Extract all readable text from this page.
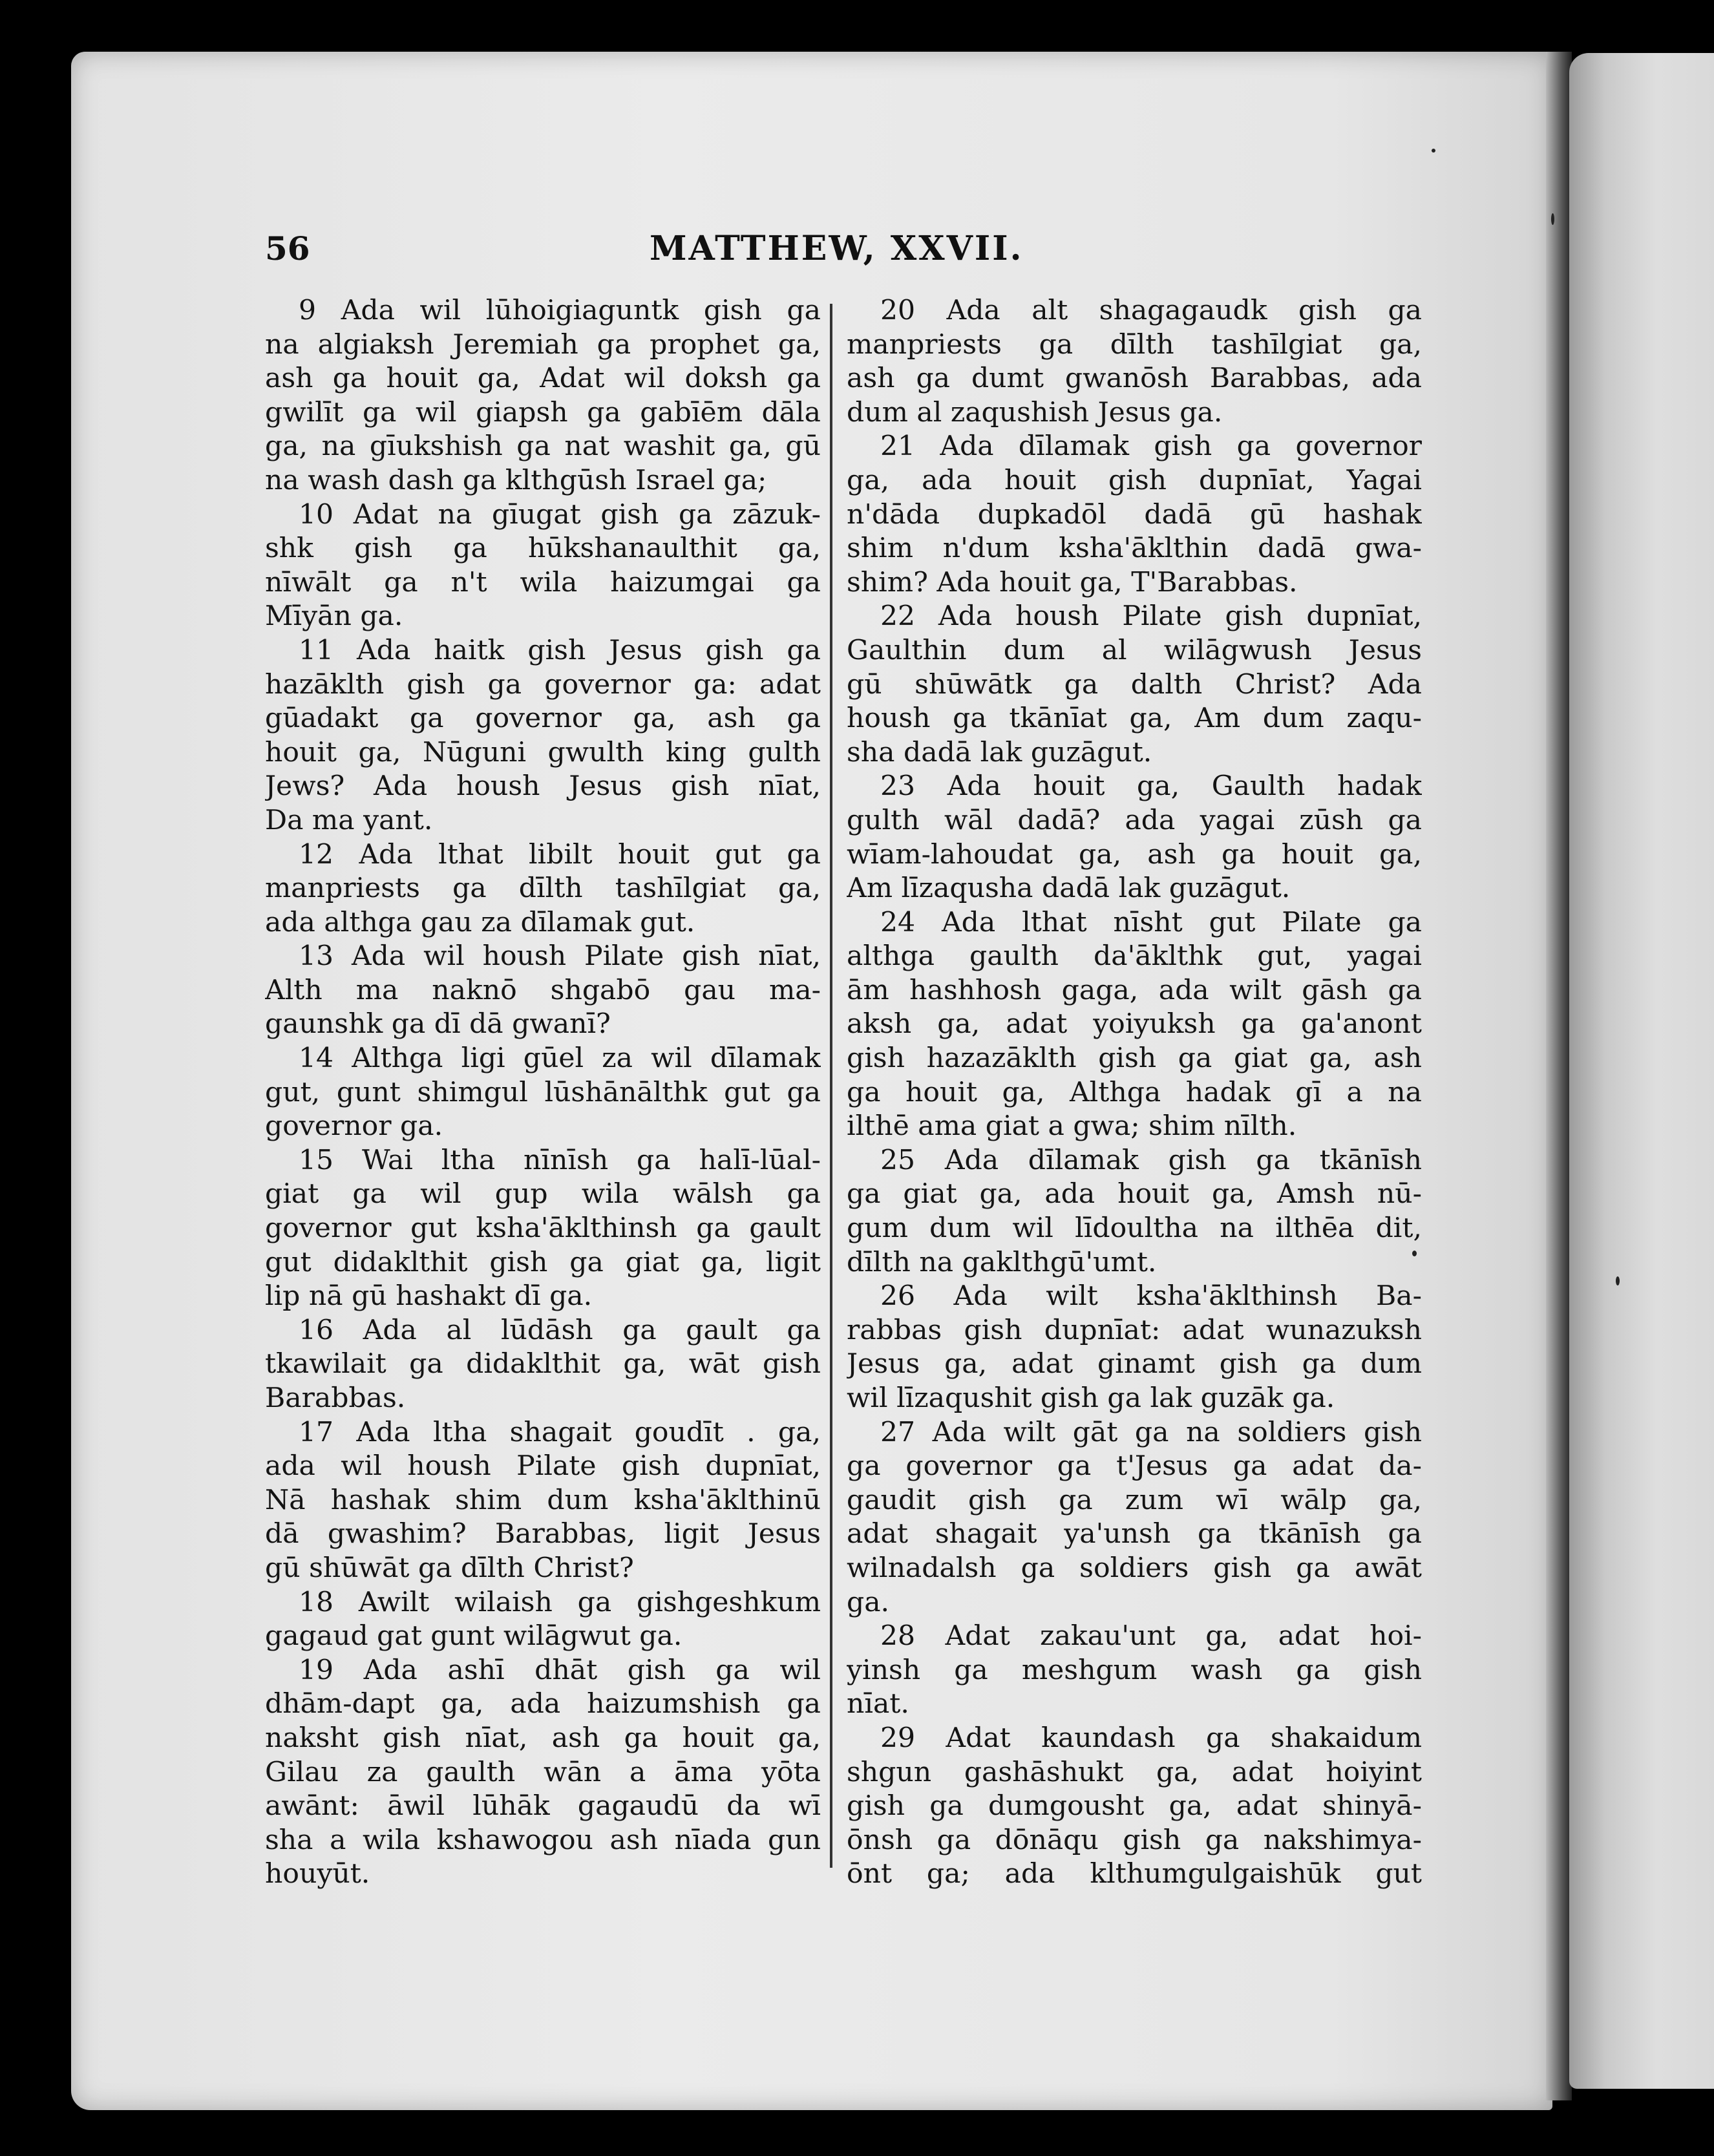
56	MATTHEW, XXVII.
9 Ada wil lūhoigiaguntk gish ga
na algiaksh Jeremiah ga prophet ga,
ash ga houit ga, Adat wil doksh ga
gwilīt ga wil giapsh ga gabīēm dāla
ga, na gīukshish ga nat washit ga, gū
na wash dash ga klthgūsh Israel ga;
10 Adat na gīugat gish ga zāzuk-
shk gish ga hūkshanaulthit ga,
nīwālt ga n't wila haizumgai ga
Mīyān ga.
11 Ada haitk gish Jesus gish ga
hazāklth gish ga governor ga: adat
gūadakt ga governor ga, ash ga
houit ga, Nūguni gwulth king gulth
Jews? Ada housh Jesus gish nīat,
Da ma yant.
12 Ada lthat libilt houit gut ga
manpriests ga dīlth tashīlgiat ga,
ada althga gau za dīlamak gut.
13 Ada wil housh Pilate gish nīat,
Alth ma naknō shgabō gau ma-
gaunshk ga dī dā gwanī?
14 Althga ligi gūel za wil dīlamak
gut, gunt shimgul lūshānālthk gut ga
governor ga.
15 Wai ltha nīnīsh ga halī-lūal-
giat ga wil gup wila wālsh ga
governor gut ksha'āklthinsh ga gault
gut didaklthit gish ga giat ga, ligit
lip nā gū hashakt dī ga.
16 Ada al lūdāsh ga gault ga
tkawilait ga didaklthit ga, wāt gish
Barabbas.
17 Ada ltha shagait goudīt . ga,
ada wil housh Pilate gish dupnīat,
Nā hashak shim dum ksha'āklthinū
dā gwashim? Barabbas, ligit Jesus
gū shūwāt ga dīlth Christ?
18 Awilt wilaish ga gishgeshkum
gagaud gat gunt wilāgwut ga.
19 Ada ashī dhāt gish ga wil
dhām-dapt ga, ada haizumshish ga
naksht gish nīat, ash ga houit ga,
Gilau za gaulth wān a āma yōta
awānt: āwil lūhāk gagaudū da wī
sha a wila kshawogou ash nīada gun
houyūt.
20 Ada alt shagagaudk gish ga
manpriests ga dīlth tashīlgiat ga,
ash ga dumt gwanōsh Barabbas, ada
dum al zaqushish Jesus ga.
21 Ada dīlamak gish ga governor
ga, ada houit gish dupnīat, Yagai
n'dāda dupkadōl dadā gū hashak
shim n'dum ksha'āklthin dadā gwa-
shim? Ada houit ga, T'Barabbas.
22 Ada housh Pilate gish dupnīat,
Gaulthin dum al wilāgwush Jesus
gū shūwātk ga dalth Christ? Ada
housh ga tkānīat ga, Am dum zaqu-
sha dadā lak guzāgut.
23 Ada houit ga, Gaulth hadak
gulth wāl dadā? ada yagai zūsh ga
wīam-lahoudat ga, ash ga houit ga,
Am līzaqusha dadā lak guzāgut.
24 Ada lthat nīsht gut Pilate ga
althga gaulth da'āklthk gut, yagai
ām hashhosh gaga, ada wilt gāsh ga
aksh ga, adat yoiyuksh ga ga'anont
gish hazazāklth gish ga giat ga, ash
ga houit ga, Althga hadak gī a na
ilthē ama giat a gwa; shim nīlth.
25 Ada dīlamak gish ga tkānīsh
ga giat ga, ada houit ga, Amsh nū-
gum dum wil līdoultha na ilthēa dit,
dīlth na gaklthgū'umt.
26 Ada wilt ksha'āklthinsh Ba-
rabbas gish dupnīat: adat wunazuksh
Jesus ga, adat ginamt gish ga dum
wil līzaqushit gish ga lak guzāk ga.
27 Ada wilt gāt ga na soldiers gish
ga governor ga t'Jesus ga adat da-
gaudit gish ga zum wī wālp ga,
adat shagait ya'unsh ga tkānīsh ga
wilnadalsh ga soldiers gish ga awāt
ga.
28 Adat zakau'unt ga, adat hoi-
yinsh ga meshgum wash ga gish
nīat.
29 Adat kaundash ga shakaidum
shgun gashāshukt ga, adat hoiyint
gish ga dumgousht ga, adat shinyā-
ōnsh ga dōnāqu gish ga nakshimya-
ōnt ga; ada klthumgulgaishūk gut
